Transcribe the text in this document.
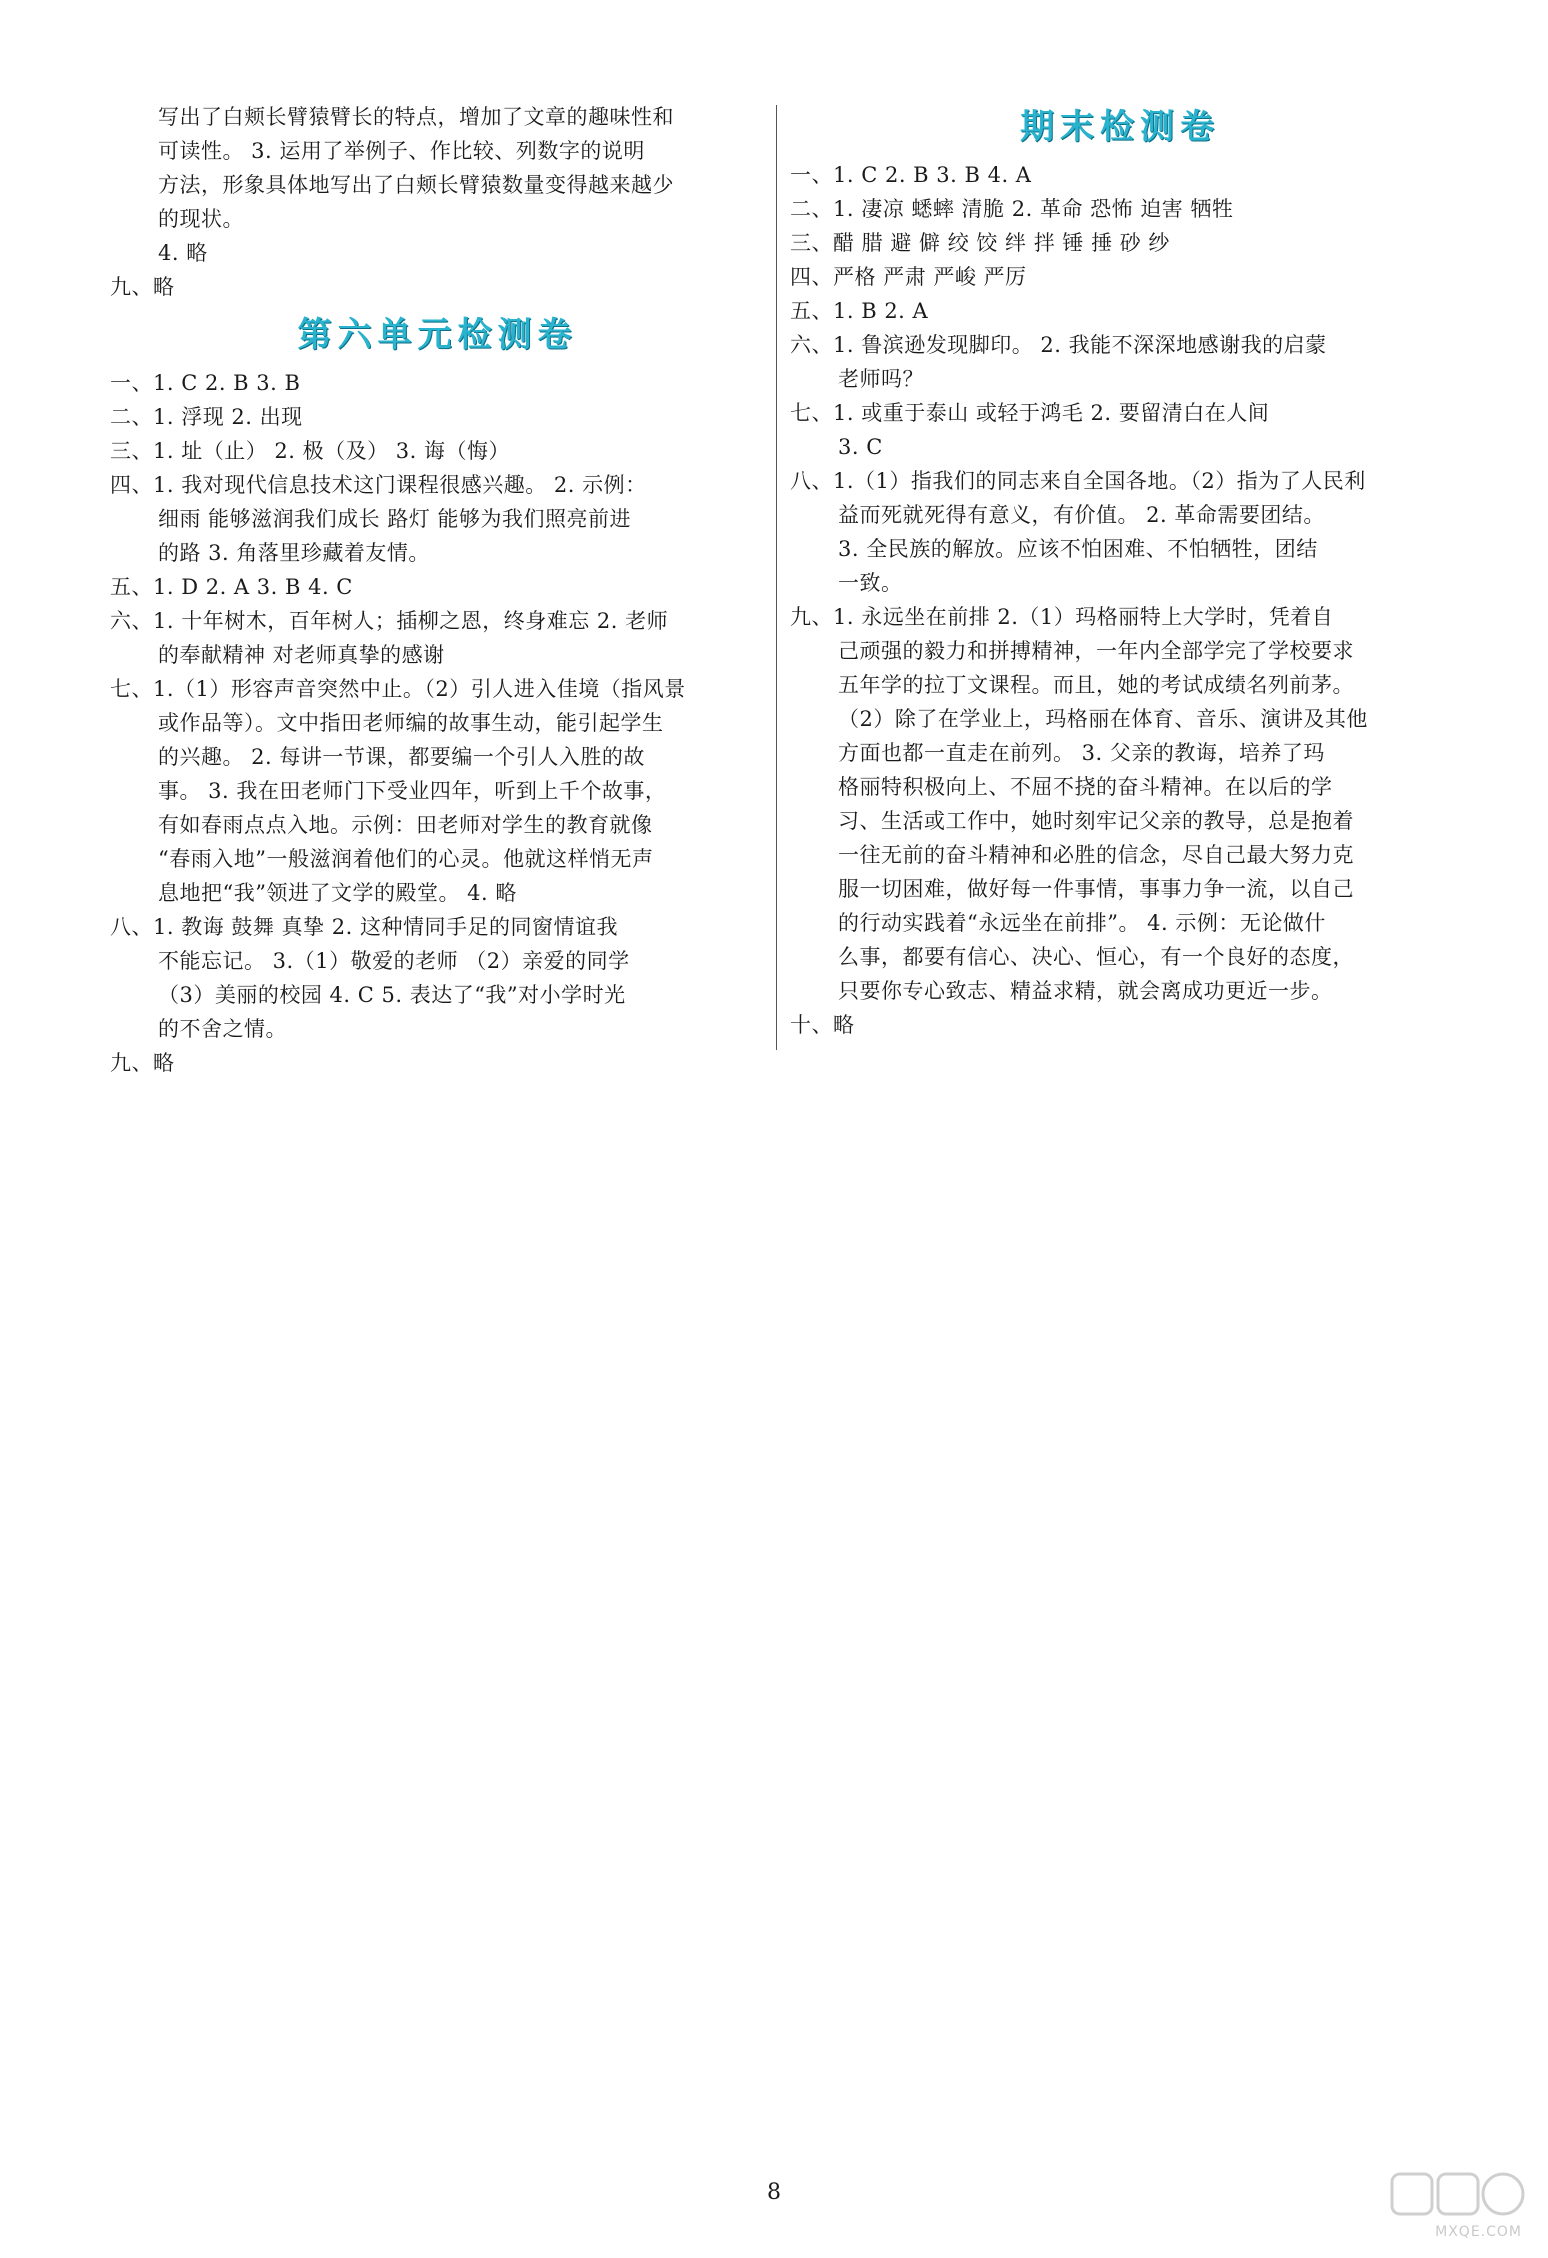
写出了白颊长臂猿臂长的特点，增加了文章的趣味性和

可读性。 3. 运用了举例子、作比较、列数字的说明

方法，形象具体地写出了白颊长臂猿数量变得越来越少

的现状。

4. 略

九、略

第六单元检测卷

一、1. C 2. B 3. B

二、1. 浮现 2. 出现

三、1. 址（止） 2. 极（及） 3. 诲（悔）

四、1. 我对现代信息技术这门课程很感兴趣。 2. 示例：

细雨 能够滋润我们成长 路灯 能够为我们照亮前进

的路 3. 角落里珍藏着友情。

五、1. D 2. A 3. B 4. C

六、1. 十年树木，百年树人；插柳之恩，终身难忘 2. 老师

的奉献精神 对老师真挚的感谢

七、1.（1）形容声音突然中止。（2）引人进入佳境（指风景

或作品等）。文中指田老师编的故事生动，能引起学生

的兴趣。 2. 每讲一节课，都要编一个引人入胜的故

事。 3. 我在田老师门下受业四年，听到上千个故事，

有如春雨点点入地。示例：田老师对学生的教育就像

“春雨入地”一般滋润着他们的心灵。他就这样悄无声

息地把“我”领进了文学的殿堂。 4. 略

八、1. 教诲 鼓舞 真挚 2. 这种情同手足的同窗情谊我

不能忘记。 3.（1）敬爱的老师 （2）亲爱的同学

（3）美丽的校园 4. C 5. 表达了“我”对小学时光

的不舍之情。

九、略

期末检测卷

一、1. C 2. B 3. B 4. A

二、1. 凄凉 蟋蟀 清脆 2. 革命 恐怖 迫害 牺牲

三、醋 腊 避 僻 绞 饺 绊 拌 锤 捶 砂 纱

四、严格 严肃 严峻 严厉

五、1. B 2. A

六、1. 鲁滨逊发现脚印。 2. 我能不深深地感谢我的启蒙

老师吗？

七、1. 或重于泰山 或轻于鸿毛 2. 要留清白在人间

3. C

八、1.（1）指我们的同志来自全国各地。（2）指为了人民利

益而死就死得有意义，有价值。 2. 革命需要团结。

3. 全民族的解放。应该不怕困难、不怕牺牲，团结

一致。

九、1. 永远坐在前排 2.（1）玛格丽特上大学时，凭着自

己顽强的毅力和拼搏精神，一年内全部学完了学校要求

五年学的拉丁文课程。而且，她的考试成绩名列前茅。

（2）除了在学业上，玛格丽在体育、音乐、演讲及其他

方面也都一直走在前列。 3. 父亲的教诲，培养了玛

格丽特积极向上、不屈不挠的奋斗精神。在以后的学

习、生活或工作中，她时刻牢记父亲的教导，总是抱着

一往无前的奋斗精神和必胜的信念，尽自己最大努力克

服一切困难，做好每一件事情，事事力争一流，以自己

的行动实践着“永远坐在前排”。 4. 示例：无论做什

么事，都要有信心、决心、恒心，有一个良好的态度，

只要你专心致志、精益求精，就会离成功更近一步。

十、略

8
MXQE.COM
